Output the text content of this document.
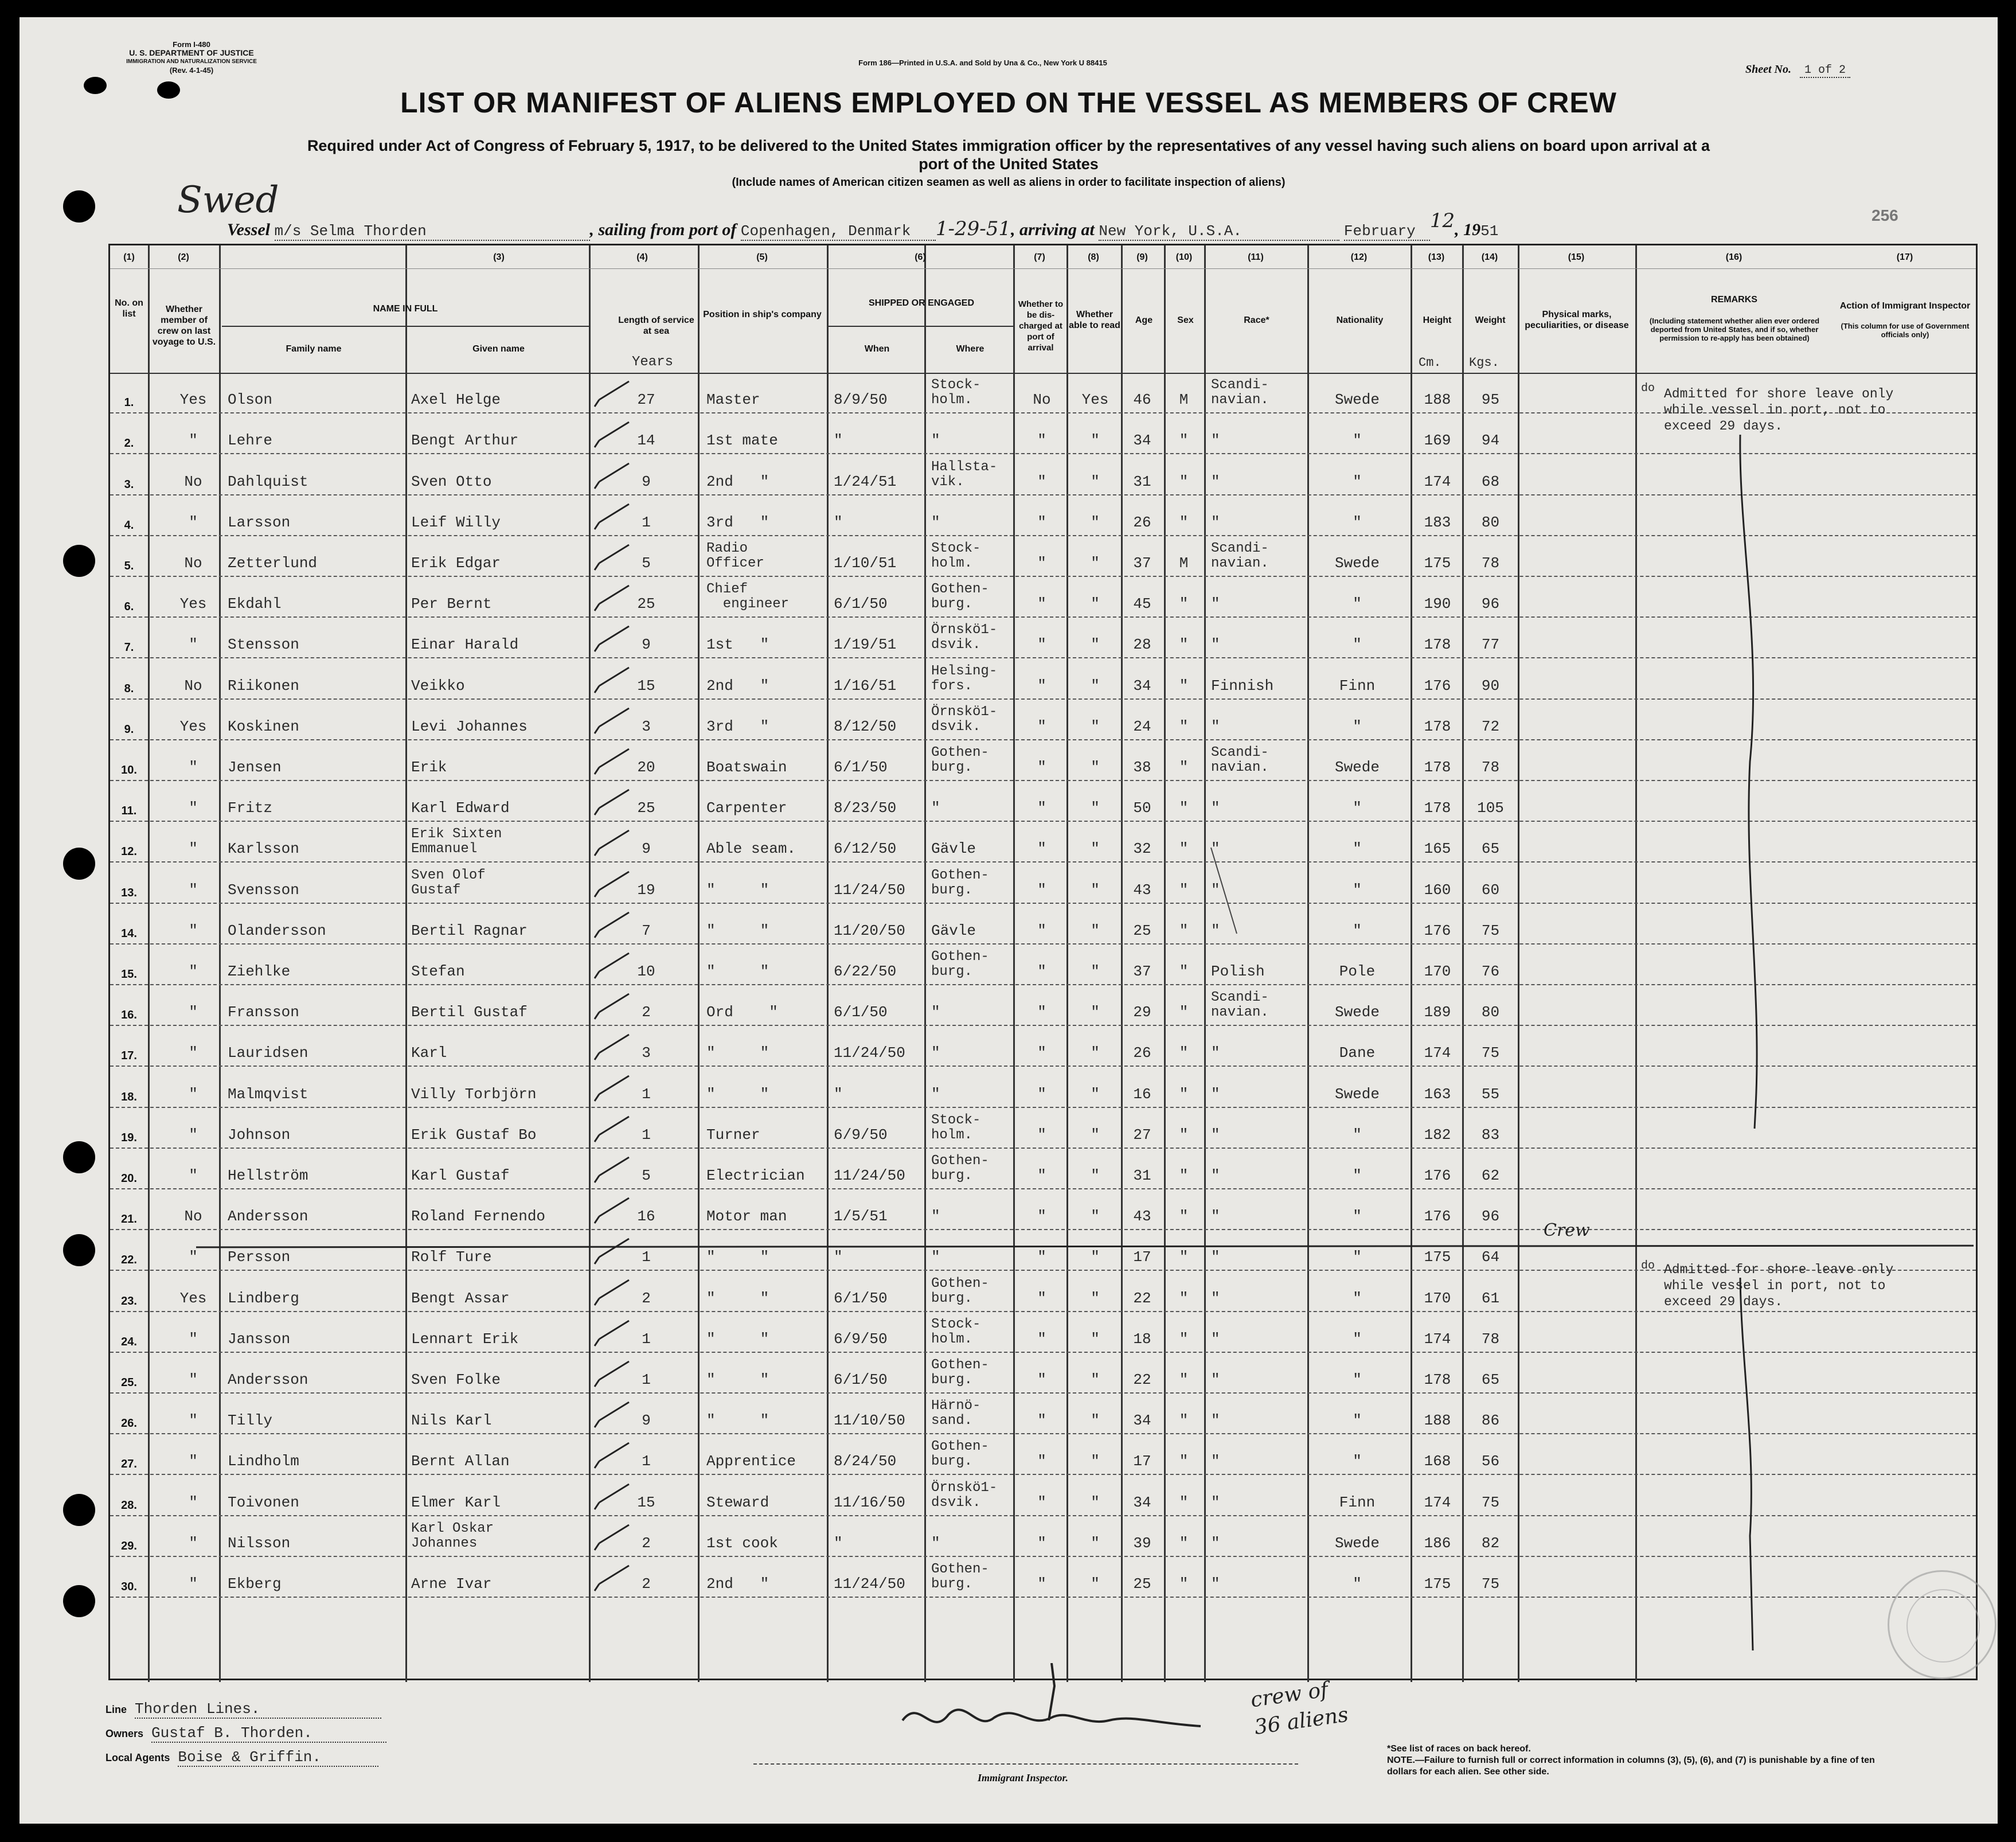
Form I-480
U. S. DEPARTMENT OF JUSTICE
IMMIGRATION AND NATURALIZATION SERVICE
(Rev. 4-1-45)
Form 186—Printed in U.S.A. and Sold by Una & Co., New York U 88415
Sheet No. 1 of 2
LIST OR MANIFEST OF ALIENS EMPLOYED ON THE VESSEL AS MEMBERS OF CREW
Required under Act of Congress of February 5, 1917, to be delivered to the United States immigration officer by the representatives of any vessel having such aliens on board upon arrival at a
port of the United States
(Include names of American citizen seamen as well as aliens in order to facilitate inspection of aliens)
Swed
Vessel m/s Selma Thorden	, sailing from port of Copenhagen, Denmark 1-29-51, arriving at New York, U.S.A.	February 12, 1951
256
(1)	(2)	(3)	(4)	(5)	(6)	(7)	(8)	(9)	(10)	(11)	(12)	(13)	(14)	(15)	(16)	(17)
No. on list	Whether member of crew on last voyage to U.S.
NAME IN FULL
Family name	Given name
Length of service at sea
Years
Position in ship's company
SHIPPED OR ENGAGED
When	Where
Whether to be dis-charged at port of arrival
Whether able to read
Age	Sex	Race*	Nationality	Height
Cm.
Weight
Kgs.
Physical marks, peculiarities, or disease
REMARKS
(Including statement whether alien ever ordered deported from United States, and if so, whether permission to re-apply has been obtained)
Action of Immigrant Inspector
(This column for use of Government officials only)
1.	Yes	Olson	Axel Helge	27	Master	8/9/50
Stock-
holm.	No	Yes	46	M
Scandi-
navian.	Swede	188	95
2.	"	Lehre	Bengt Arthur	14	1st mate	"	"	"	"	34	"	"	"	169	94
3.	No	Dahlquist	Sven Otto	9	2nd   "	1/24/51
Hallsta-
vik.	"	"	31	"	"	"	174	68
4.	"	Larsson	Leif Willy	1	3rd   "	"	"	"	"	26	"	"	"	183	80
5.	No	Zetterlund	Erik Edgar	5
Radio
Officer	1/10/51
Stock-
holm.	"	"	37	M
Scandi-
navian.	Swede	175	78
6.	Yes	Ekdahl	Per Bernt	25
Chief
engineer	6/1/50
Gothen-
burg.	"	"	45	"	"	"	190	96
7.	"	Stensson	Einar Harald	9	1st   "	1/19/51
Örnskö1-
dsvik.	"	"	28	"	"	"	178	77
8.	No	Riikonen	Veikko	15	2nd   "	1/16/51
Helsing-
fors.	"	"	34	"	Finnish	Finn	176	90
9.	Yes	Koskinen	Levi Johannes	3	3rd   "	8/12/50
Örnskö1-
dsvik.	"	"	24	"	"	"	178	72
10.	"	Jensen	Erik	20	Boatswain	6/1/50
Gothen-
burg.	"	"	38	"
Scandi-
navian.	Swede	178	78
11.	"	Fritz	Karl Edward	25	Carpenter	8/23/50	"	"	"	50	"	"	"	178	105
12.	"	Karlsson
Erik Sixten
Emmanuel	9	Able seam.	6/12/50	Gävle	"	"	32	"	"	"	165	65
13.	"	Svensson
Sven Olof
Gustaf	19	"     "	11/24/50
Gothen-
burg.	"	"	43	"	"	"	160	60
14.	"	Olandersson	Bertil Ragnar	7	"     "	11/20/50	Gävle	"	"	25	"	"	"	176	75
15.	"	Ziehlke	Stefan	10	"     "	6/22/50
Gothen-
burg.	"	"	37	"	Polish	Pole	170	76
16.	"	Fransson	Bertil Gustaf	2	Ord    "	6/1/50	"	"	"	29	"
Scandi-
navian.	Swede	189	80
17.	"	Lauridsen	Karl	3	"     "	11/24/50	"	"	"	26	"	"	Dane	174	75
18.	"	Malmqvist	Villy Torbjörn	1	"     "	"	"	"	"	16	"	"	Swede	163	55
19.	"	Johnson	Erik Gustaf Bo	1	Turner	6/9/50
Stock-
holm.	"	"	27	"	"	"	182	83
20.	"	Hellström	Karl Gustaf	5	Electrician	11/24/50
Gothen-
burg.	"	"	31	"	"	"	176	62
21.	No	Andersson	Roland Fernendo	16	Motor man	1/5/51	"	"	"	43	"	"	"	176	96
22.	"	Persson	Rolf Ture	1	"     "	"	"	"	"	17	"	"	"	175	64
23.	Yes	Lindberg	Bengt Assar	2	"     "	6/1/50
Gothen-
burg.	"	"	22	"	"	"	170	61
24.	"	Jansson	Lennart Erik	1	"     "	6/9/50
Stock-
holm.	"	"	18	"	"	"	174	78
25.	"	Andersson	Sven Folke	1	"     "	6/1/50
Gothen-
burg.	"	"	22	"	"	"	178	65
26.	"	Tilly	Nils Karl	9	"     "	11/10/50
Härnö-
sand.	"	"	34	"	"	"	188	86
27.	"	Lindholm	Bernt Allan	1	Apprentice	8/24/50
Gothen-
burg.	"	"	17	"	"	"	168	56
28.	"	Toivonen	Elmer Karl	15	Steward	11/16/50
Örnskö1-
dsvik.	"	"	34	"	"	Finn	174	75
29.	"	Nilsson
Karl Oskar
Johannes	2	1st cook	"	"	"	"	39	"	"	Swede	186	82
30.	"	Ekberg	Arne Ivar	2	2nd   "	11/24/50
Gothen-
burg.	"	"	25	"	"	"	175	75
do Admitted for shore leave only
while vessel in port, not to
exceed 29 days.
do Admitted for shore leave only
while vessel in port, not to
exceed 29 days.
Crew
Line Thorden Lines.
Owners Gustaf B. Thorden.
Local Agents Boise & Griffin.
Immigrant Inspector.
crew of
36 aliens
*See list of races on back hereof.
NOTE.—Failure to furnish full or correct information in columns (3), (5), (6), and (7) is punishable by a fine of ten dollars for each alien. See other side.
